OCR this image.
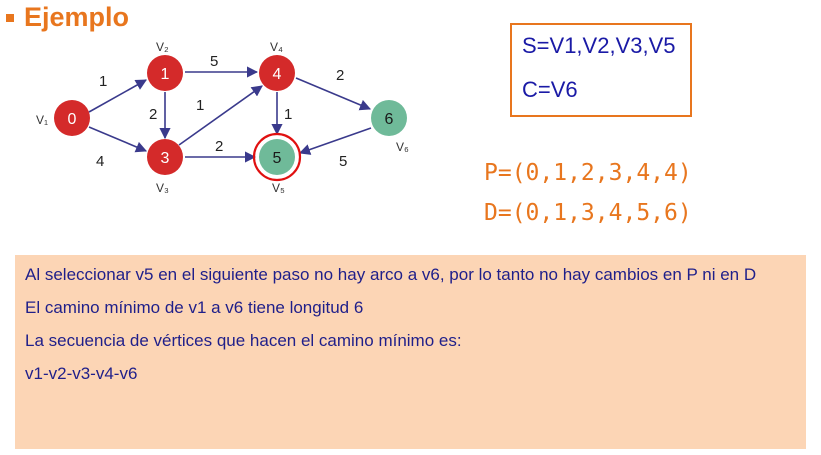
Ejemplo
1
4
5
2
1
2
1
2
5
0
1
3
4
5
6
V₁
V₂
V₃
V₄
V₅
V₆
S=V1,V2,V3,V5
C=V6
P=(0,1,2,3,4,4)
D=(0,1,3,4,5,6)

Al seleccionar v5 en el siguiente paso no hay arco a v6, por lo tanto no hay cambios en P ni en D

El camino mínimo de v1 a v6 tiene longitud 6

La secuencia de vértices que hacen el camino mínimo es:

v1-v2-v3-v4-v6
